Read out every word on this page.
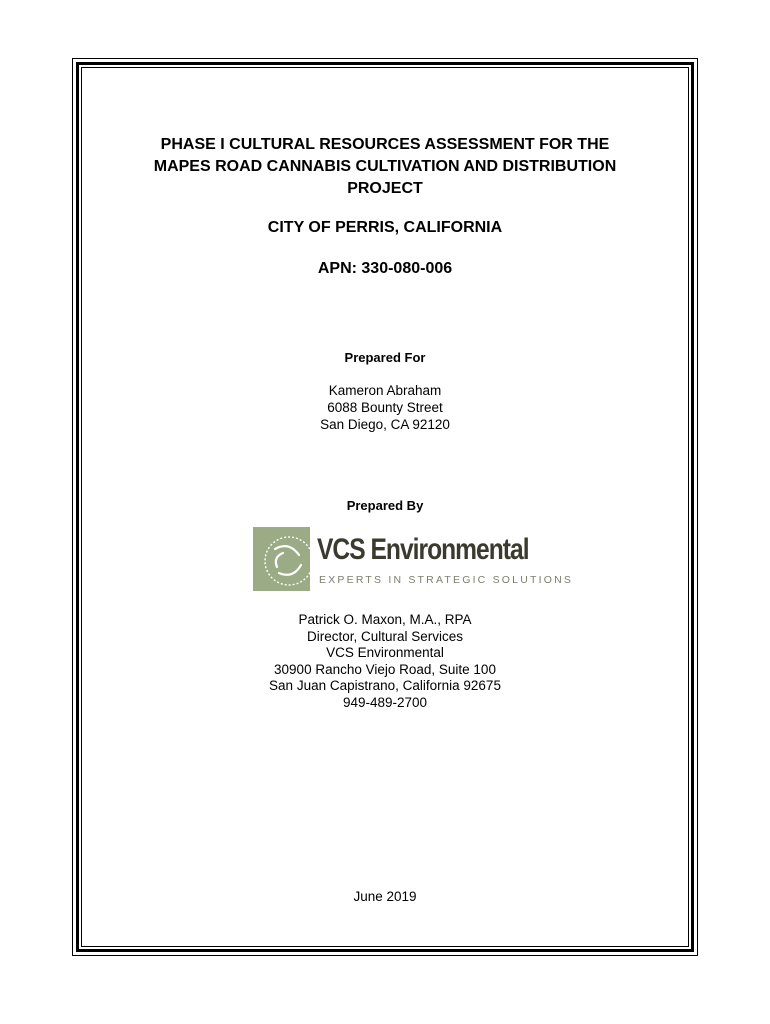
PHASE I CULTURAL RESOURCES ASSESSMENT FOR THE
MAPES ROAD CANNABIS CULTIVATION AND DISTRIBUTION
PROJECT
CITY OF PERRIS, CALIFORNIA
APN: 330-080-006
Prepared For
Kameron Abraham
6088 Bounty Street
San Diego, CA 92120
Prepared By
VCS Environmental
EXPERTS IN STRATEGIC SOLUTIONS
Patrick O. Maxon, M.A., RPA
Director, Cultural Services
VCS Environmental
30900 Rancho Viejo Road, Suite 100
San Juan Capistrano, California 92675
949-489-2700
June 2019
